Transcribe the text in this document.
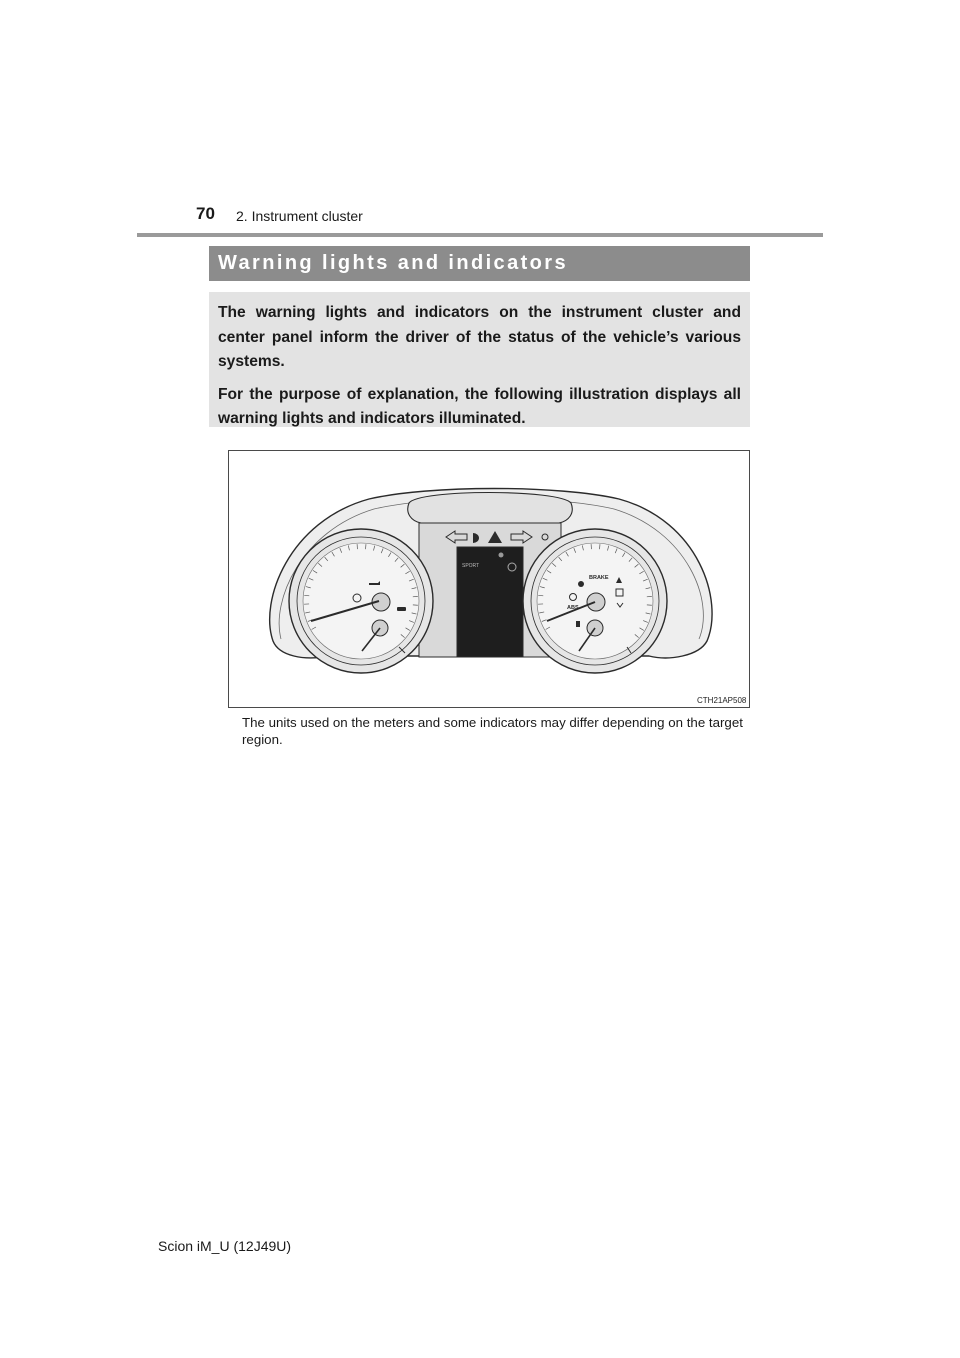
70 2. Instrument cluster
Warning lights and indicators

The warning lights and indicators on the instrument cluster and center panel inform the driver of the status of the vehicle’s various systems.

For the purpose of explanation, the following illustration displays all warning lights and indicators illuminated.

SPORT
BRAKE
ABS
CTH21AP508
The units used on the meters and some indicators may differ depending on the target region.
Scion iM_U (12J49U)
